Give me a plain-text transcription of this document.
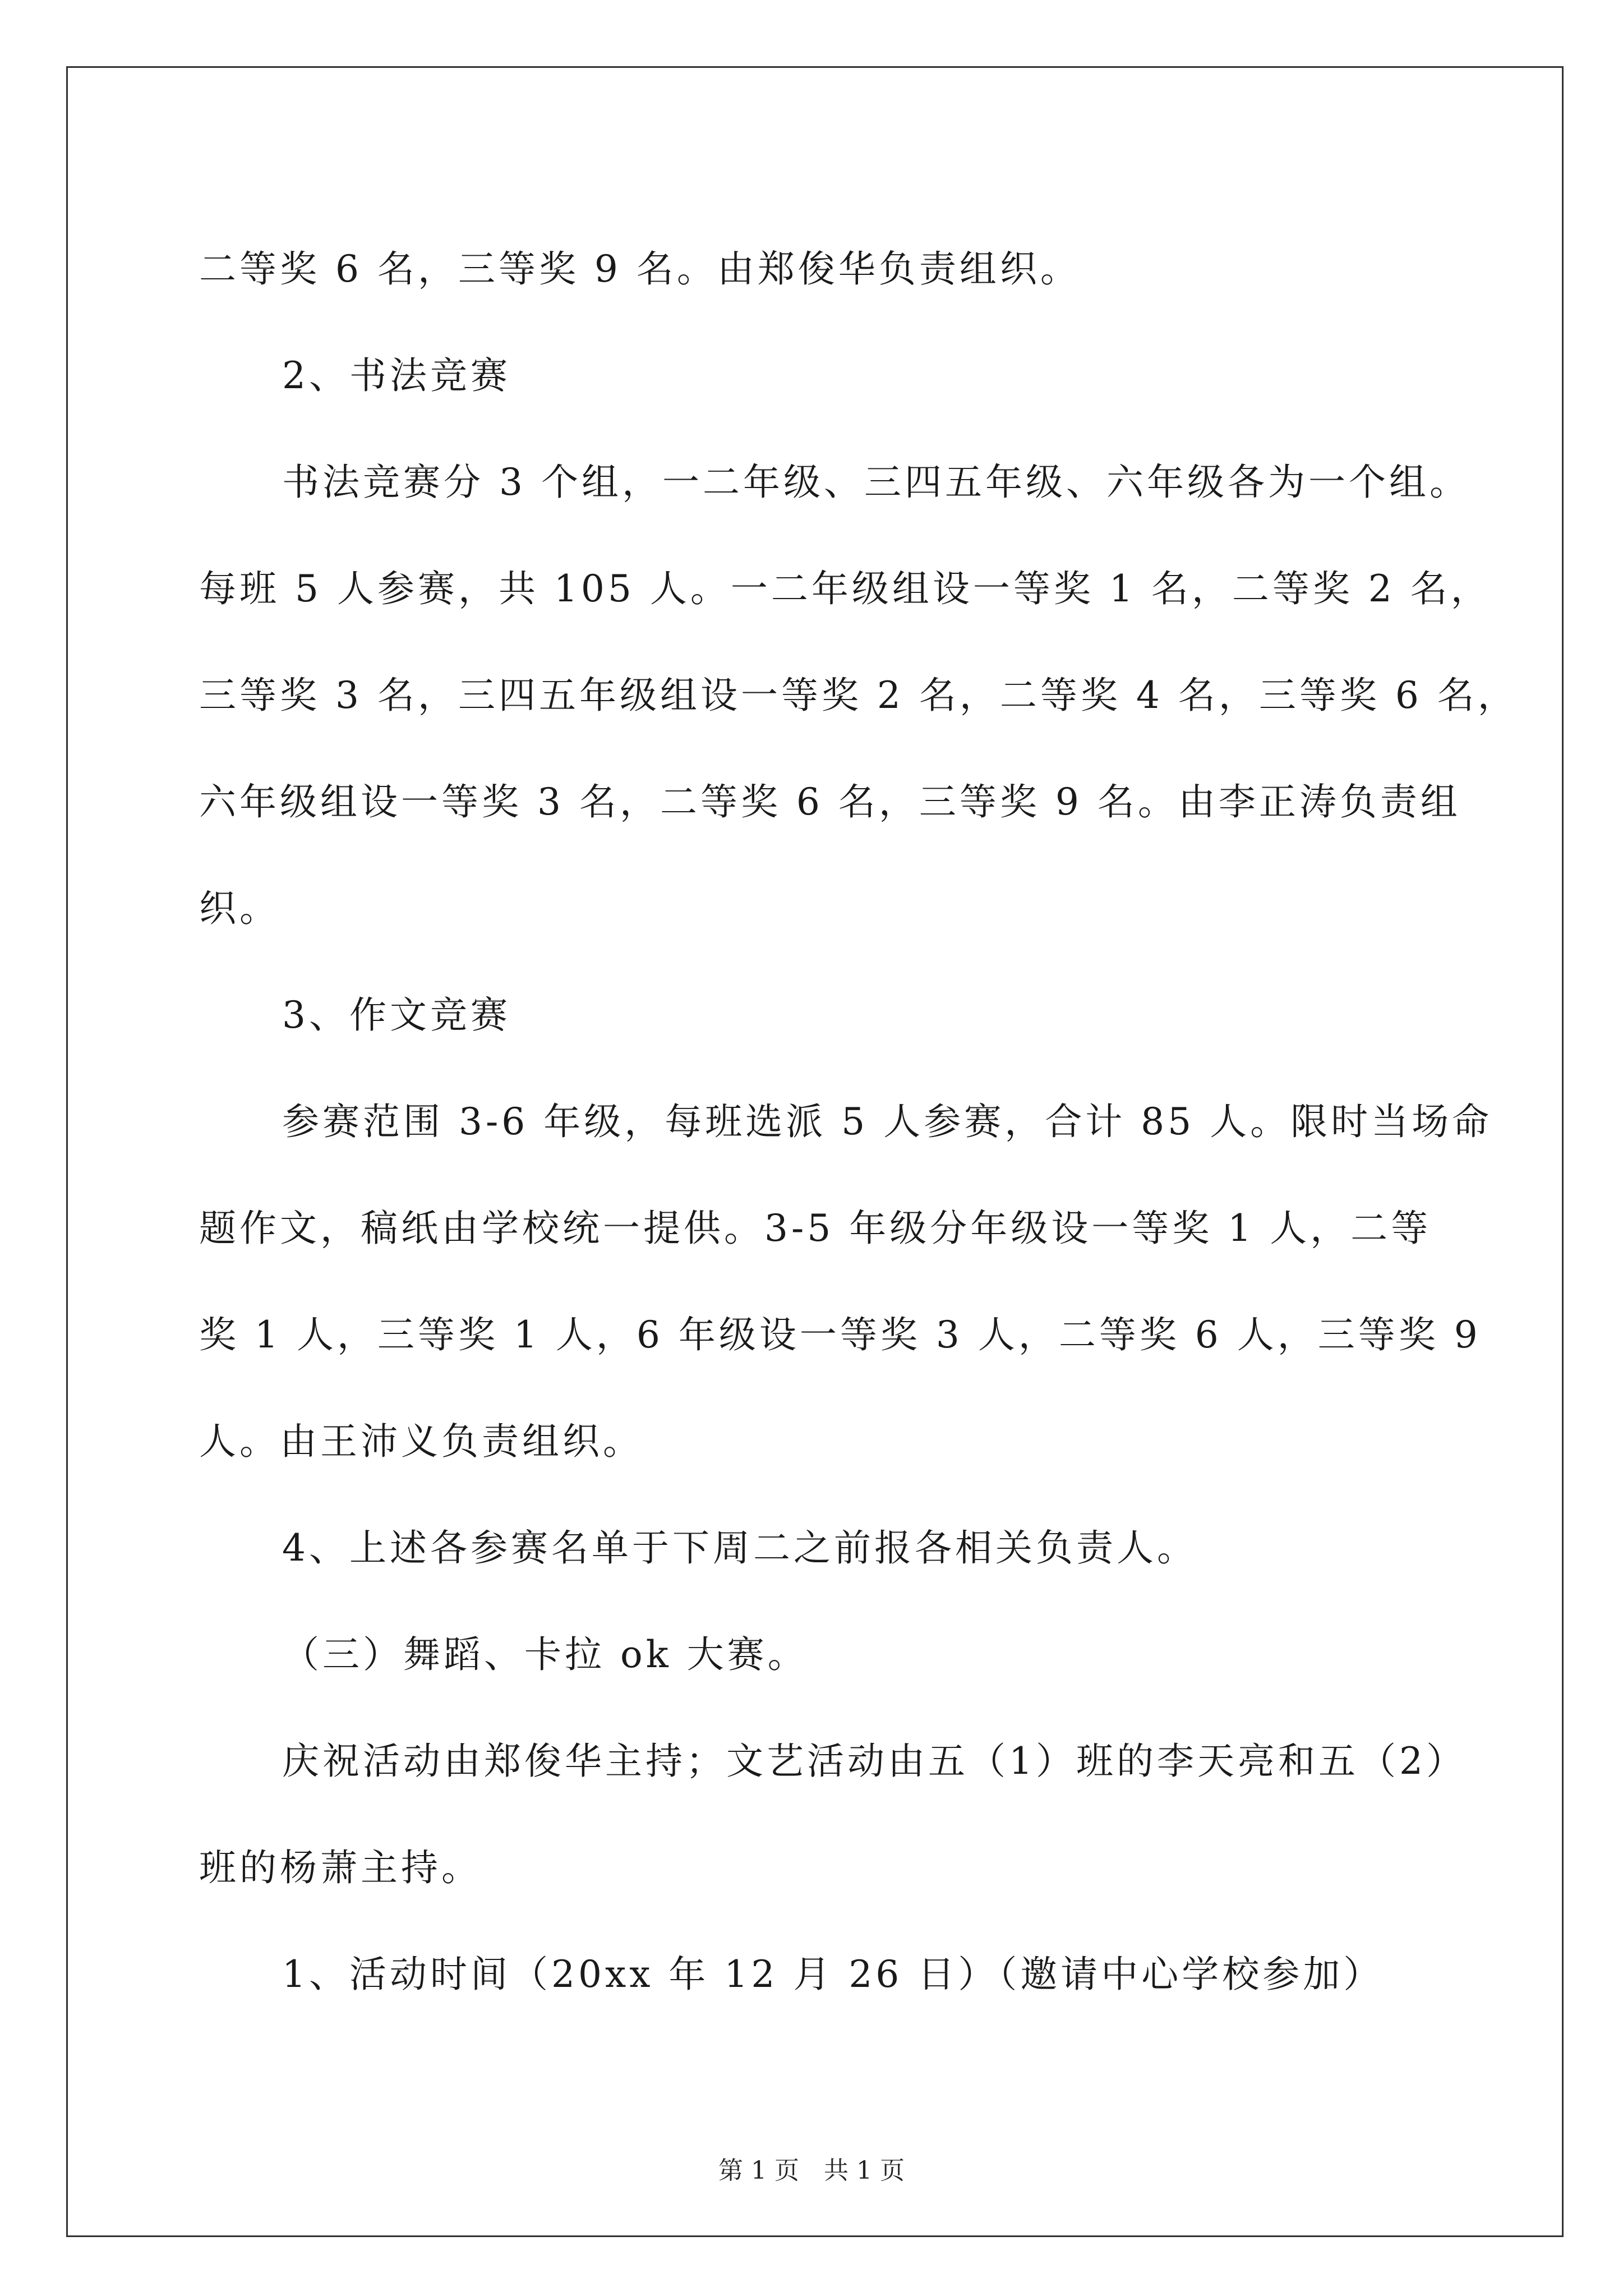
二等奖 6 名，三等奖 9 名。由郑俊华负责组织。

2、书法竞赛

书法竞赛分 3 个组，一二年级、三四五年级、六年级各为一个组。

每班 5 人参赛，共 105 人。一二年级组设一等奖 1 名，二等奖 2 名，

三等奖 3 名，三四五年级组设一等奖 2 名，二等奖 4 名，三等奖 6 名，

六年级组设一等奖 3 名，二等奖 6 名，三等奖 9 名。由李正涛负责组

织。

3、作文竞赛

参赛范围 3-6 年级，每班选派 5 人参赛，合计 85 人。限时当场命

题作文，稿纸由学校统一提供。3-5 年级分年级设一等奖 1 人，二等

奖 1 人，三等奖 1 人，6 年级设一等奖 3 人，二等奖 6 人，三等奖 9

人。由王沛义负责组织。

4、上述各参赛名单于下周二之前报各相关负责人。

（三）舞蹈、卡拉 ok 大赛。

庆祝活动由郑俊华主持；文艺活动由五（1）班的李天亮和五（2）

班的杨萧主持。

1、活动时间（20xx 年 12 月 26 日）（邀请中心学校参加）

第 1 页 共 1 页
